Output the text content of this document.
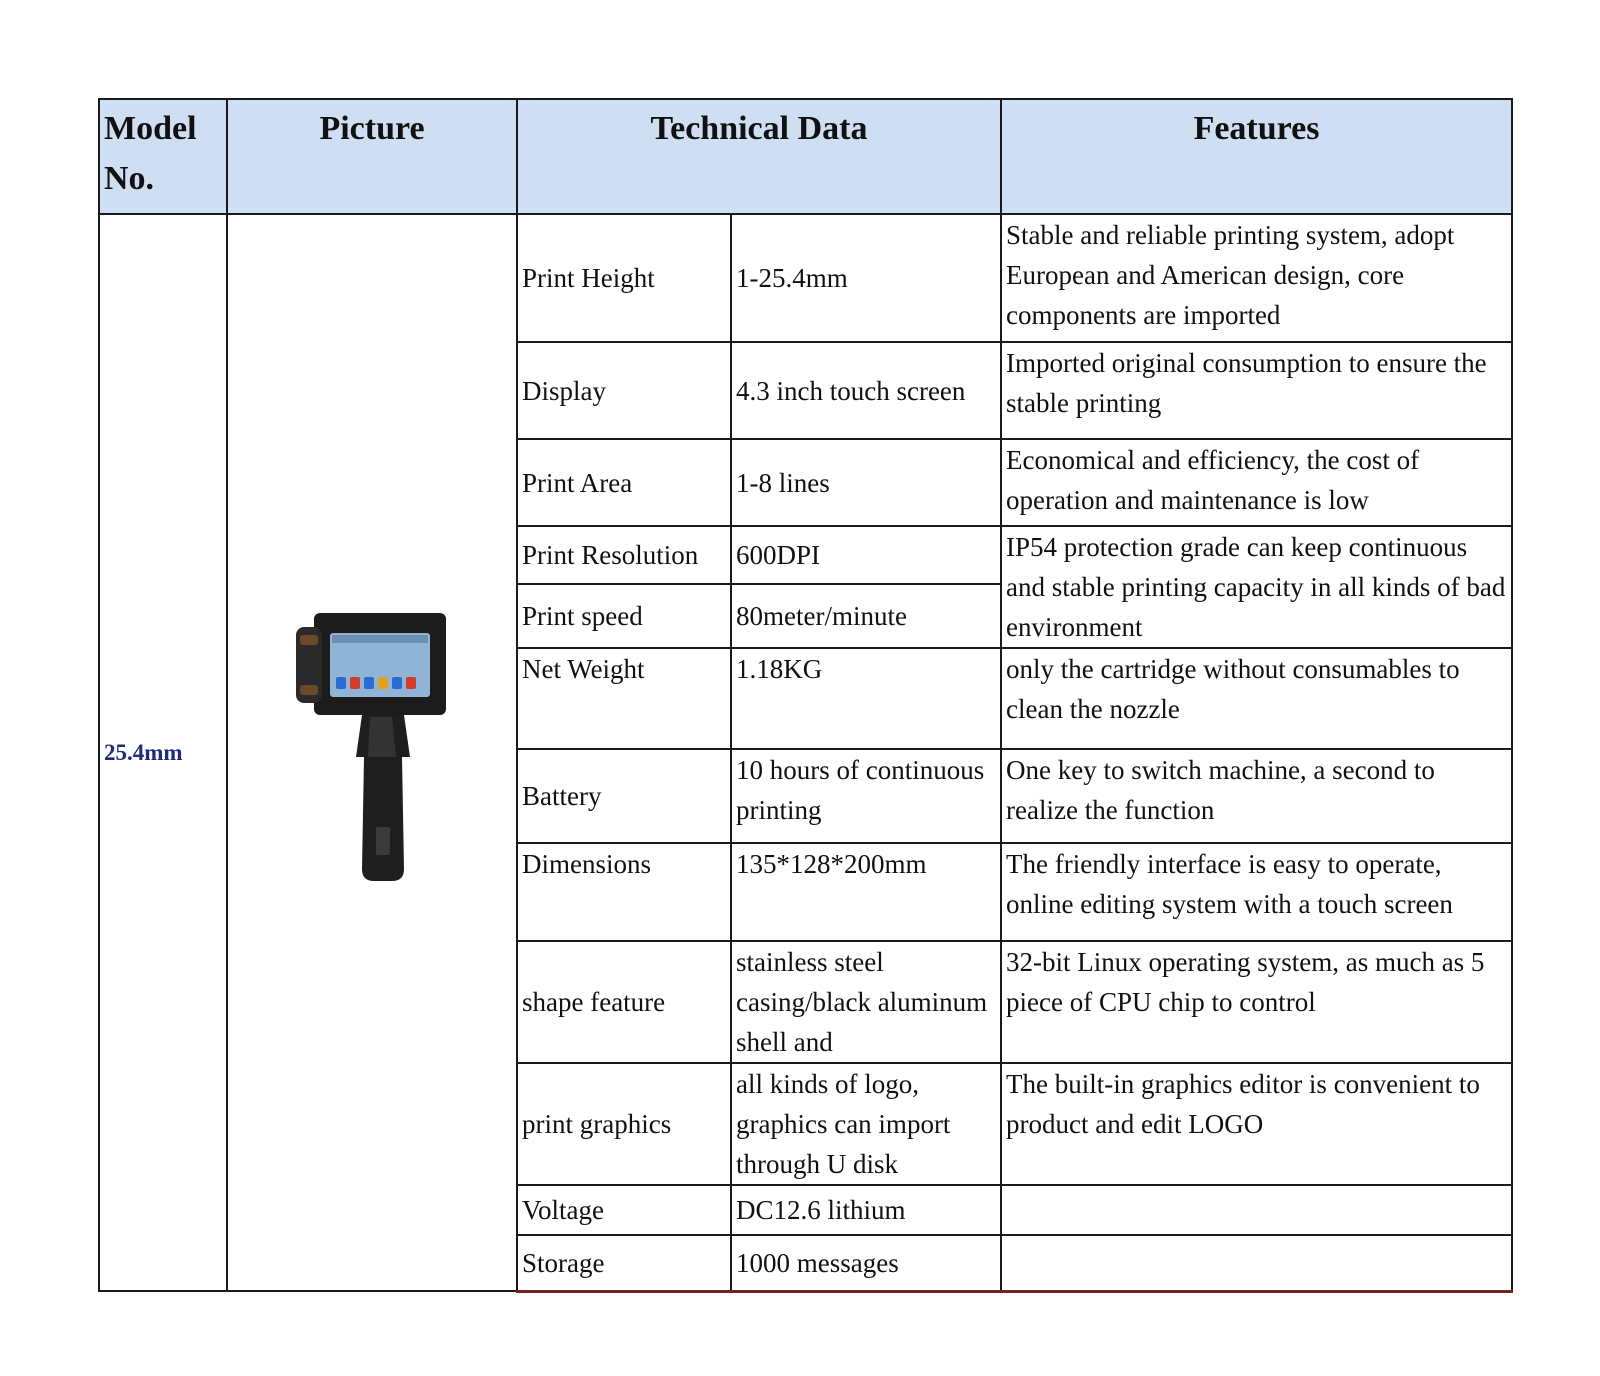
Model No.	Picture	Technical Data		Features
25.4mm		Print Height	1-25.4mm	Stable and reliable printing system, adopt European and American design, core components are imported
		Display	4.3 inch touch screen	Imported original consumption to ensure the stable printing
		Print Area	1-8 lines	Economical and efficiency, the cost of operation and maintenance is low
		Print Resolution	600DPI	IP54 protection grade can keep continuous and stable printing capacity in all kinds of bad environment
		Print speed	80meter/minute	
		Net Weight	1.18KG	only the cartridge without consumables to clean the nozzle
		Battery	10 hours of continuous printing	One key to switch machine, a second to realize the function
		Dimensions	135*128*200mm	The friendly interface is easy to operate, online editing system with a touch screen
		shape feature	stainless steel casing/black aluminum shell and	32-bit Linux operating system, as much as 5 piece of CPU chip to control
		print graphics	all kinds of logo, graphics can import through U disk	The built-in graphics editor is convenient to product and edit LOGO
		Voltage	DC12.6 lithium	
		Storage	1000 messages	
